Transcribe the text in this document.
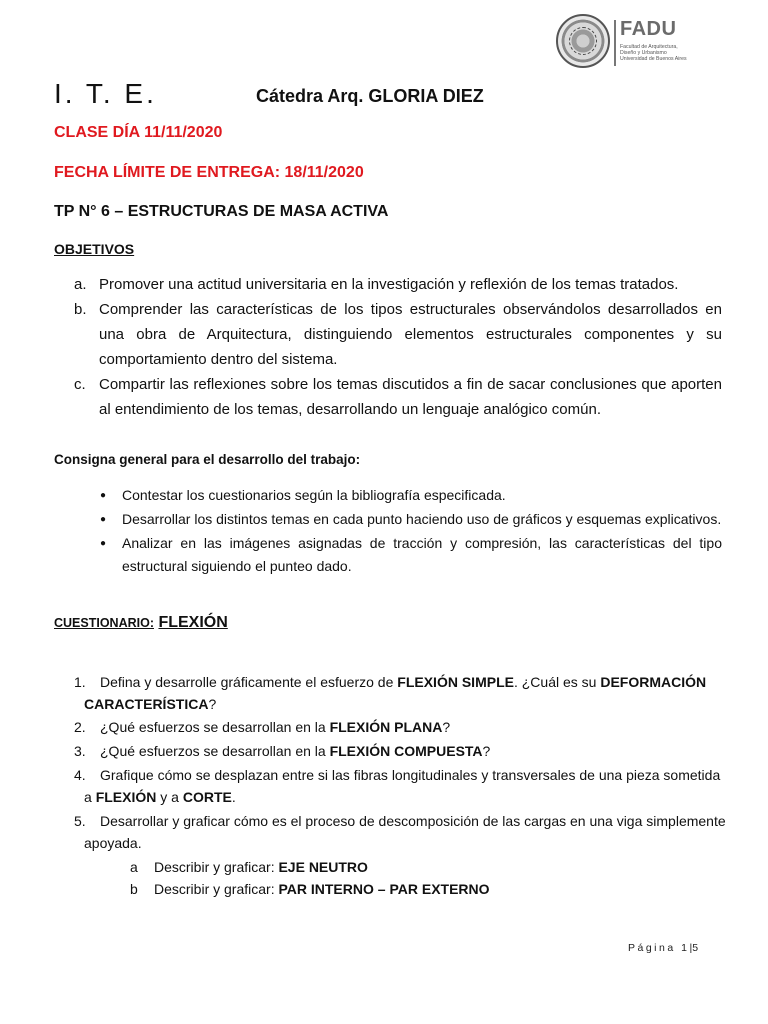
FADU
Facultad de Arquitectura,
Diseño y Urbanismo
Universidad de Buenos Aires
I. T. E.	Cátedra Arq. GLORIA DIEZ
CLASE DÍA 11/11/2020
FECHA LÍMITE DE ENTREGA: 18/11/2020
TP N° 6 – ESTRUCTURAS DE MASA ACTIVA
OBJETIVOS
a. Promover una actitud universitaria en la investigación y reflexión de los temas tratados.
b. Comprender las características de los tipos estructurales observándolos desarrollados en una obra de Arquitectura, distinguiendo elementos estructurales componentes y su comportamiento dentro del sistema.
c. Compartir las reflexiones sobre los temas discutidos a fin de sacar conclusiones que aporten al entendimiento de los temas, desarrollando un lenguaje analógico común.
Consigna general para el desarrollo del trabajo:
●	Contestar los cuestionarios según la bibliografía especificada.
●	Desarrollar los distintos temas en cada punto haciendo uso de gráficos y esquemas explicativos.
●	Analizar en las imágenes asignadas de tracción y compresión, las características del tipo estructural siguiendo el punteo dado.
CUESTIONARIO: FLEXIÓN
1. Defina y desarrolle gráficamente el esfuerzo de FLEXIÓN SIMPLE. ¿Cuál es su DEFORMACIÓN
CARACTERÍSTICA?
2. ¿Qué esfuerzos se desarrollan en la FLEXIÓN PLANA?
3. ¿Qué esfuerzos se desarrollan en la FLEXIÓN COMPUESTA?
4. Grafique cómo se desplazan entre si las fibras longitudinales y transversales de una pieza sometida
a FLEXIÓN y a CORTE.
5. Desarrollar y graficar cómo es el proceso de descomposición de las cargas en una viga simplemente
apoyada.
a Describir y graficar: EJE NEUTRO
b Describir y graficar: PAR INTERNO – PAR EXTERNO
Página 1|5
